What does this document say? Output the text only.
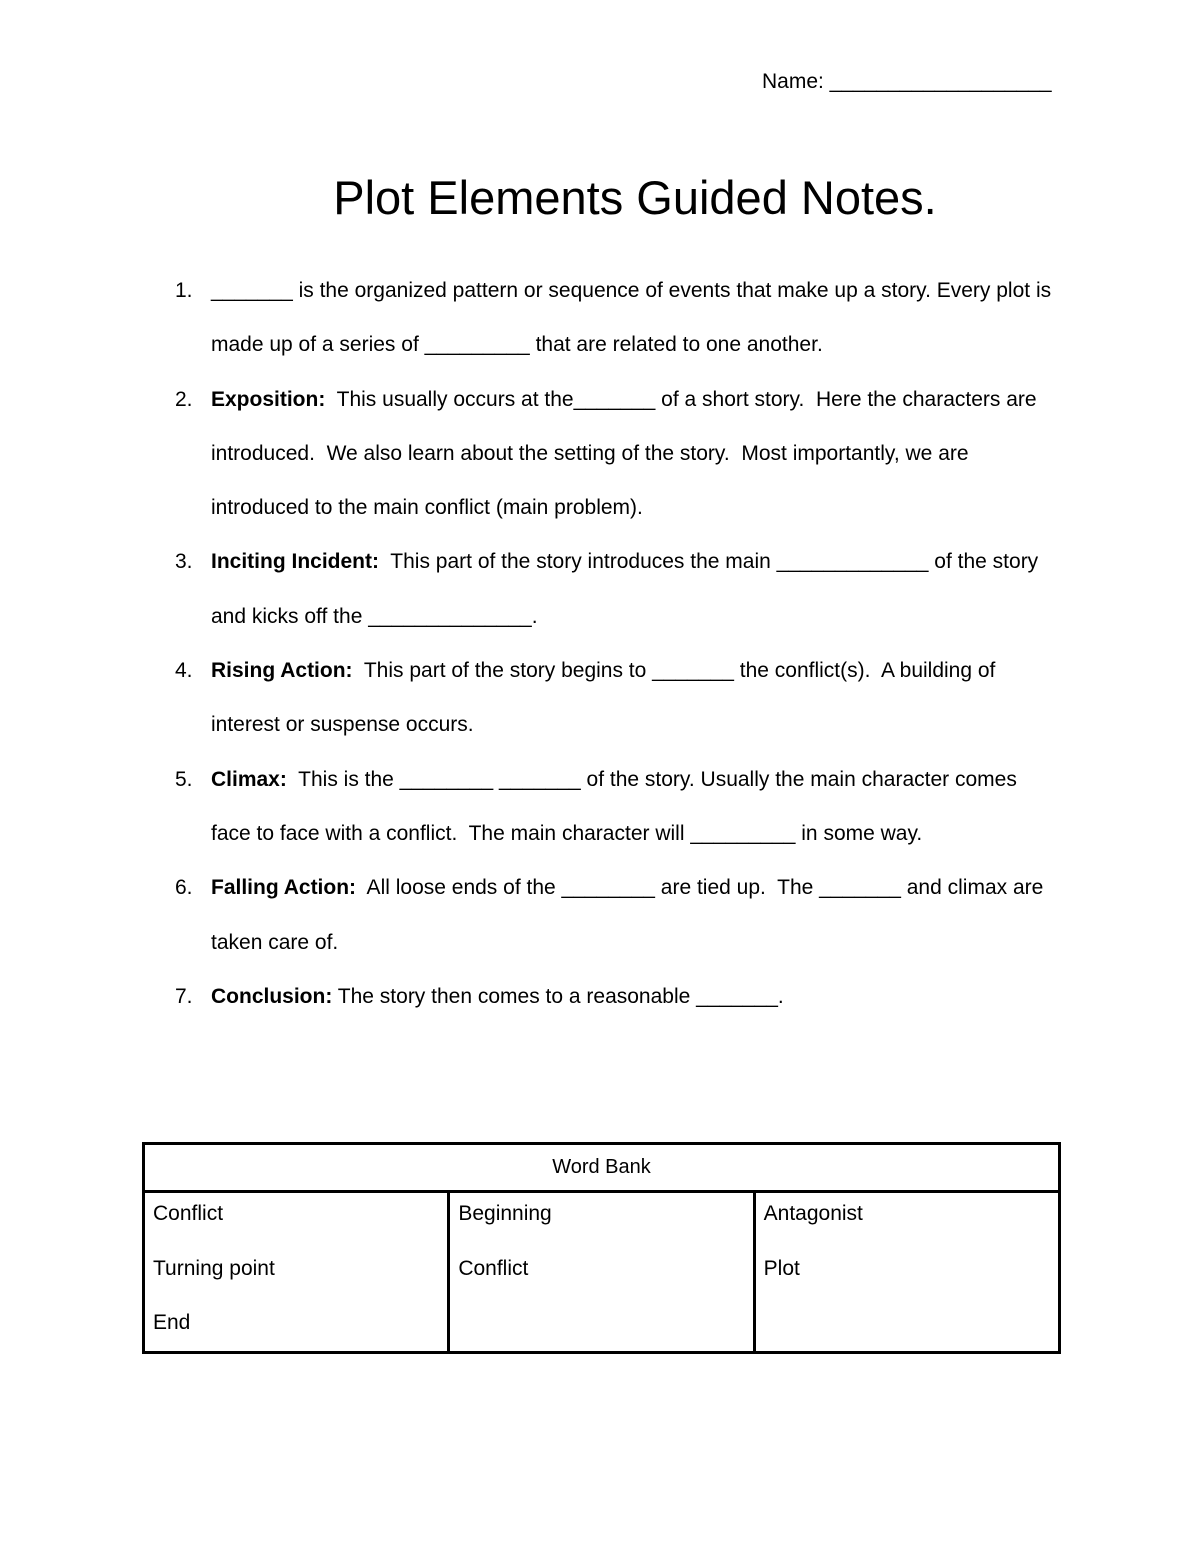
Name: ___________________
Plot Elements Guided Notes.
1. _______ is the organized pattern or sequence of events that make up a story. Every plot is made up of a series of _________ that are related to one another.
2. Exposition:  This usually occurs at the_______ of a short story.  Here the characters are introduced.  We also learn about the setting of the story.  Most importantly, we are introduced to the main conflict (main problem).
3. Inciting Incident:  This part of the story introduces the main _____________ of the story and kicks off the ______________.
4. Rising Action:  This part of the story begins to _______ the conflict(s).  A building of interest or suspense occurs.
5. Climax:  This is the ________ _______ of the story. Usually the main character comes face to face with a conflict.  The main character will _________ in some way.
6. Falling Action:  All loose ends of the ________ are tied up.  The _______ and climax are taken care of.
7. Conclusion: The story then comes to a reasonable _______.
Word Bank

Conflict
Turning point
End

Beginning
Conflict

Antagonist
Plot
